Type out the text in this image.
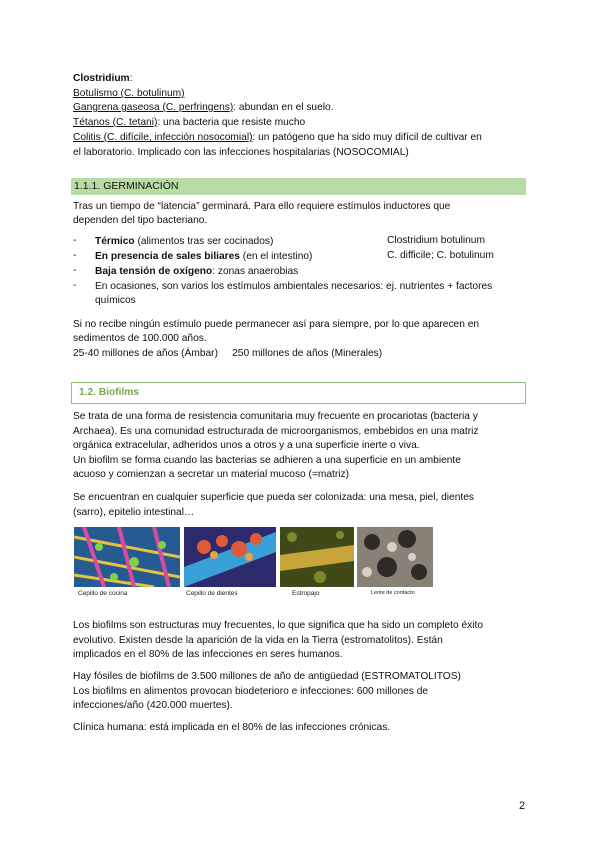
Clostridium:
Botulismo (C. botulinum)
Gangrena gaseosa (C. perfringens): abundan en el suelo.
Tétanos (C. tetani): una bacteria que resiste mucho
Colitis (C. difícile, infección nosocomial): un patógeno que ha sido muy difícil de cultivar en
el laboratorio. Implicado con las infecciones hospitalarias (NOSOCOMIAL)
1.1.1. GERMINACIÓN
Tras un tiempo de “latencia” germinará. Para ello requiere estímulos inductores que
dependen del tipo bacteriano.
- Térmico (alimentos tras ser cocinados)	Clostridium botulinum
- En presencia de sales biliares (en el intestino)	C. difficile; C. botulinum
- Baja tensión de oxígeno: zonas anaerobias
- En ocasiones, son varios los estímulos ambientales necesarios: ej. nutrientes + factores
químicos
Si no recibe ningún estímulo puede permanecer así para siempre, por lo que aparecen en
sedimentos de 100.000 años.
25-40 millones de años (Ámbar)     250 millones de años (Minerales)
1.2. Biofilms
Se trata de una forma de resistencia comunitaria muy frecuente en procariotas (bacteria y
Archaea). Es una comunidad estructurada de microorganismos, embebidos en una matriz
orgánica extracelular, adheridos unos a otros y a una superficie inerte o viva.
Un biofilm se forma cuando las bacterias se adhieren a una superficie en un ambiente
acuoso y comienzan a secretar un material mucoso (=matriz)
Se encuentran en cualquier superficie que pueda ser colonizada: una mesa, piel, dientes
(sarro), epitelio intestinal…
Cepillo de cocina	Cepillo de dientes	Estropajo	Lente de contacto
Los biofilms son estructuras muy frecuentes, lo que significa que ha sido un completo éxito
evolutivo. Existen desde la aparición de la vida en la Tierra (estromatolitos). Están
implicados en el 80% de las infecciones en seres humanos.
Hay fósiles de biofilms de 3.500 millones de año de antigüedad (ESTROMATOLITOS)
Los biofilms en alimentos provocan biodeterioro e infecciones: 600 millones de
infecciones/año (420.000 muertes).
Clínica humana: está implicada en el 80% de las infecciones crónicas.
2
